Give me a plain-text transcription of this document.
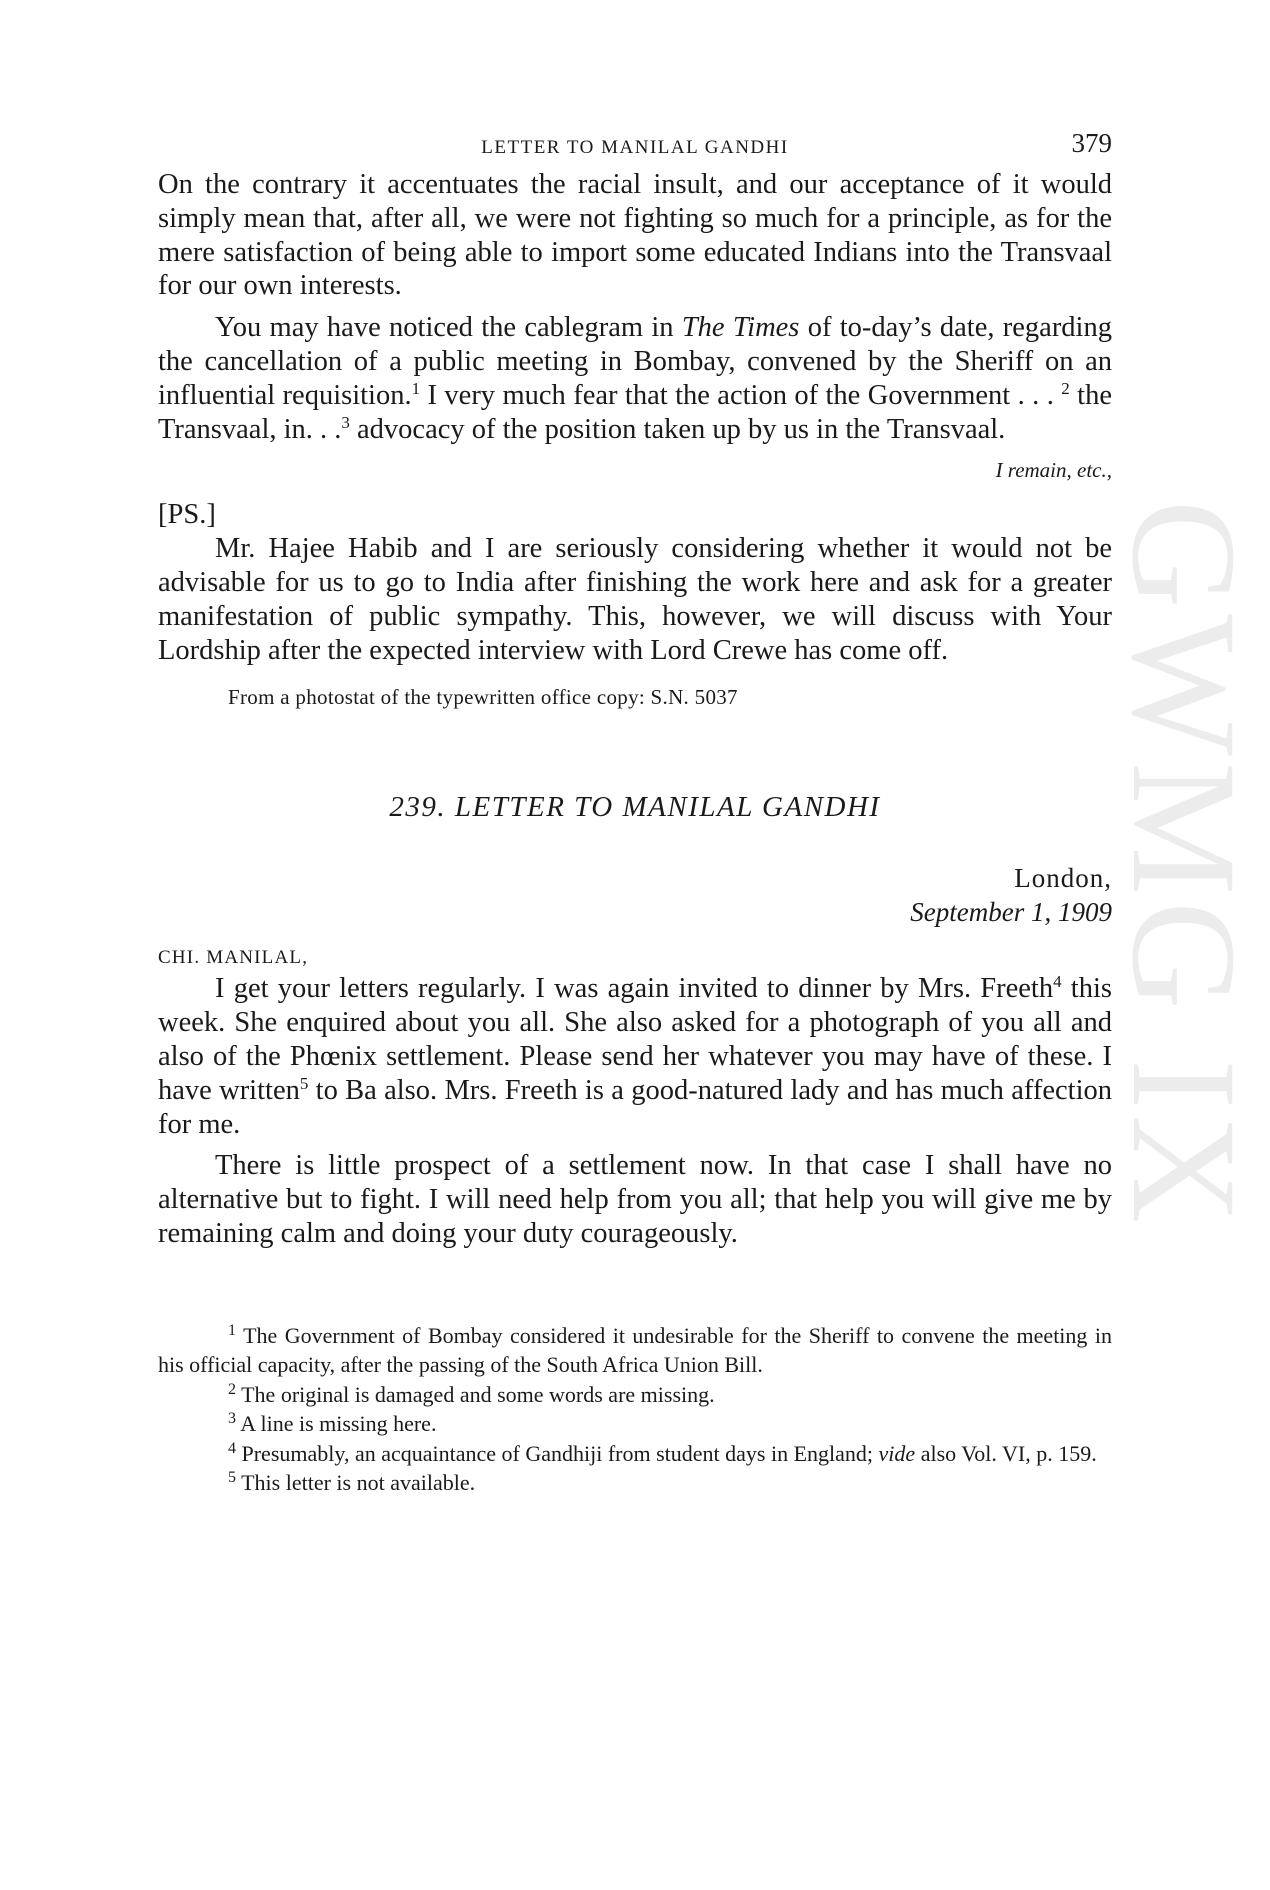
GWMG IX
LETTER TO MANILAL GANDHI	379

On the contrary it accentuates the racial insult, and our acceptance of it would simply mean that, after all, we were not fighting so much for a principle, as for the mere satisfaction of being able to import some educated Indians into the Transvaal for our own interests.

You may have noticed the cablegram in The Times of to-day’s date, regarding the cancellation of a public meeting in Bombay, convened by the Sheriff on an influential requisition.$^1$ I very much fear that the action of the Government . . . $^2$ the Transvaal, in. . .$^3$ advocacy of the position taken up by us in the Transvaal.

I remain, etc.,
[PS.]

Mr. Hajee Habib and I are seriously considering whether it would not be advisable for us to go to India after finishing the work here and ask for a greater manifestation of public sympathy. This, however, we will discuss with Your Lordship after the expected interview with Lord Crewe has come off.

From a photostat of the typewritten office copy: S.N. 5037
239. LETTER TO MANILAL GANDHI
London,
September 1, 1909
CHI. MANILAL,

I get your letters regularly. I was again invited to dinner by Mrs. Freeth$^4$ this week. She enquired about you all. She also asked for a photograph of you all and also of the Phœnix settlement. Please send her whatever you may have of these. I have written$^5$ to Ba also. Mrs. Freeth is a good-natured lady and has much affection for me.

There is little prospect of a settlement now. In that case I shall have no alternative but to fight. I will need help from you all; that help you will give me by remaining calm and doing your duty courageously.

$^1$ The Government of Bombay considered it undesirable for the Sheriff to convene the meeting in his official capacity, after the passing of the South Africa Union Bill.

$^2$ The original is damaged and some words are missing.

$^3$ A line is missing here.

$^4$ Presumably, an acquaintance of Gandhiji from student days in England; vide also Vol. VI, p. 159.

$^5$ This letter is not available.
